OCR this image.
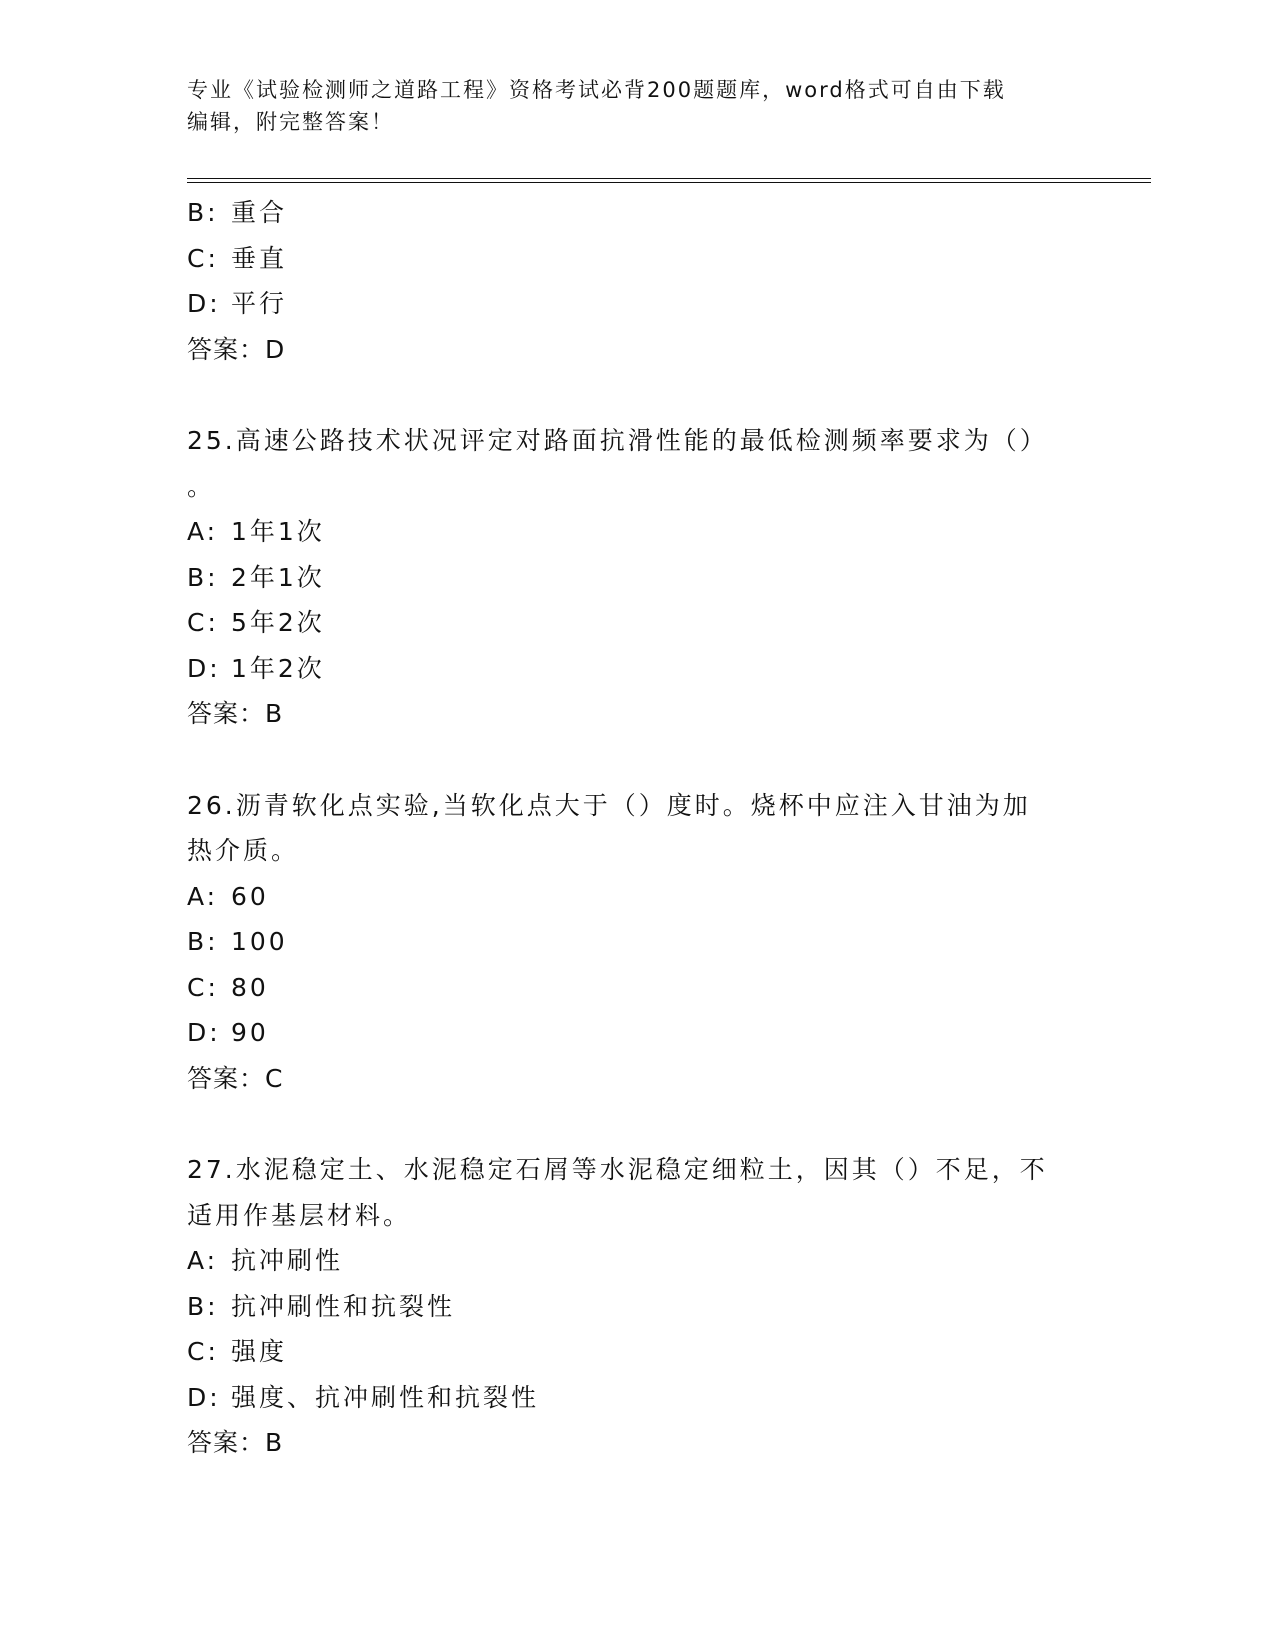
专业《试验检测师之道路工程》资格考试必背200题题库，word格式可自由下载
编辑，附完整答案！
B: 重合
C: 垂直
D: 平行
答案：D
25.高速公路技术状况评定对路面抗滑性能的最低检测频率要求为（）
。
A: 1年1次
B: 2年1次
C: 5年2次
D: 1年2次
答案：B
26.沥青软化点实验,当软化点大于（）度时。烧杯中应注入甘油为加
热介质。
A: 60
B: 100
C: 80
D: 90
答案：C
27.水泥稳定土、水泥稳定石屑等水泥稳定细粒土，因其（）不足，不
适用作基层材料。
A: 抗冲刷性
B: 抗冲刷性和抗裂性
C: 强度
D: 强度、抗冲刷性和抗裂性
答案：B
